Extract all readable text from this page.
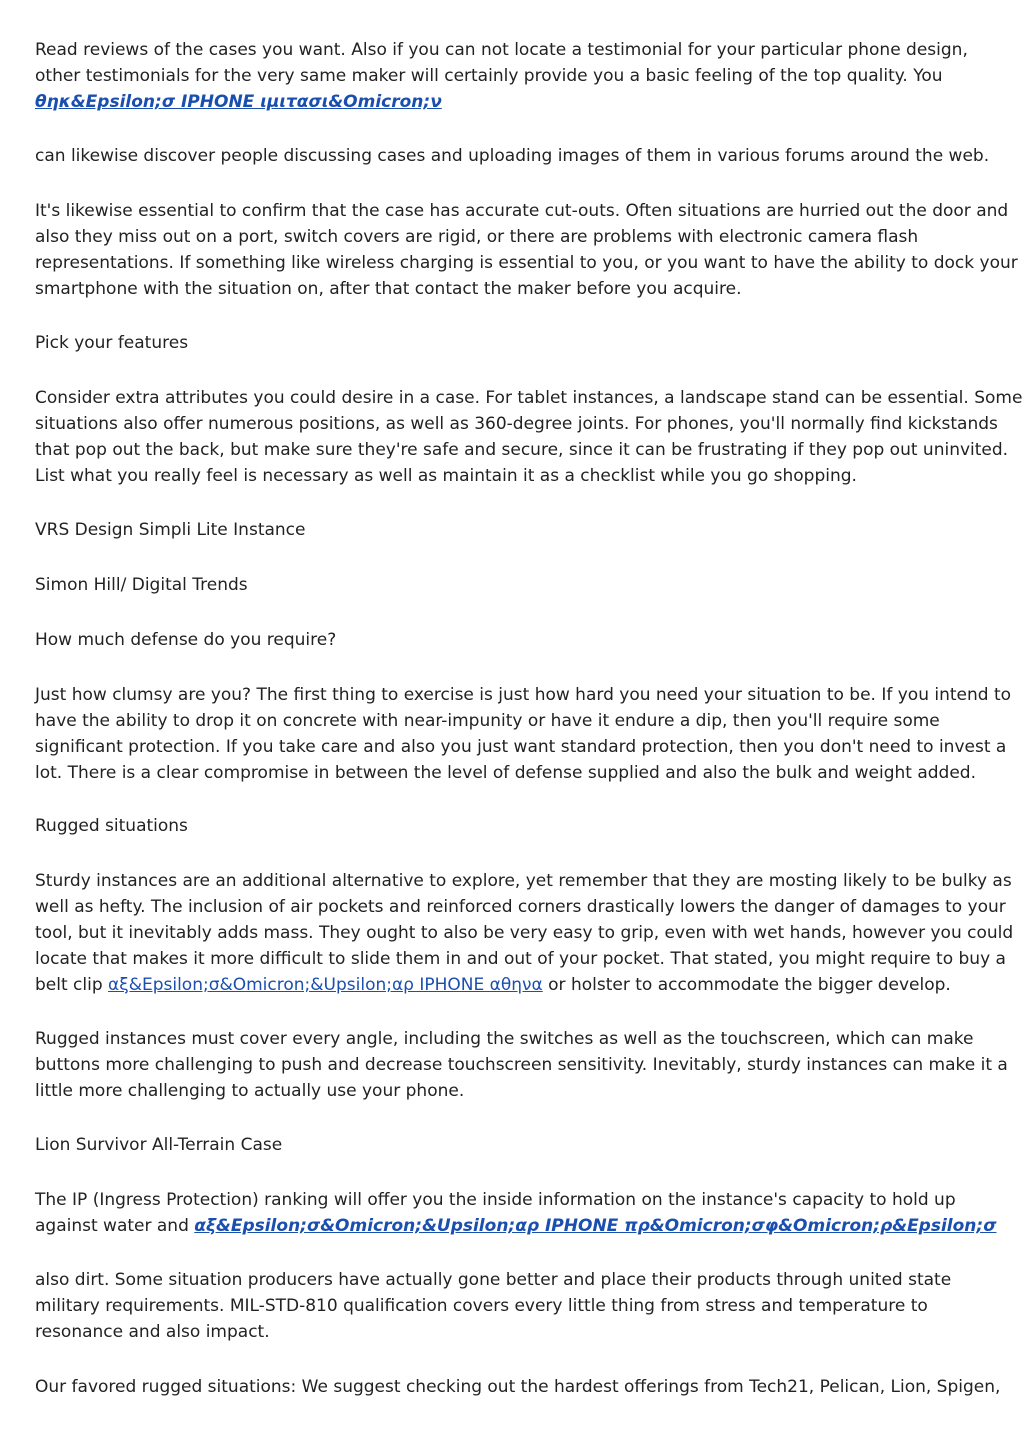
Read reviews of the cases you want. Also if you can not locate a testimonial for your particular phone design,
other testimonials for the very same maker will certainly provide you a basic feeling of the top quality. You
θηκ&Epsilon;σ IPHONE ιμιτασι&Omicron;ν

can likewise discover people discussing cases and uploading images of them in various forums around the web.

It's likewise essential to confirm that the case has accurate cut-outs. Often situations are hurried out the door and
also they miss out on a port, switch covers are rigid, or there are problems with electronic camera flash
representations. If something like wireless charging is essential to you, or you want to have the ability to dock your
smartphone with the situation on, after that contact the maker before you acquire.

Pick your features

Consider extra attributes you could desire in a case. For tablet instances, a landscape stand can be essential. Some
situations also offer numerous positions, as well as 360-degree joints. For phones, you'll normally find kickstands
that pop out the back, but make sure they're safe and secure, since it can be frustrating if they pop out uninvited.
List what you really feel is necessary as well as maintain it as a checklist while you go shopping.

VRS Design Simpli Lite Instance

Simon Hill/ Digital Trends

How much defense do you require?

Just how clumsy are you? The first thing to exercise is just how hard you need your situation to be. If you intend to
have the ability to drop it on concrete with near-impunity or have it endure a dip, then you'll require some
significant protection. If you take care and also you just want standard protection, then you don't need to invest a
lot. There is a clear compromise in between the level of defense supplied and also the bulk and weight added.

Rugged situations

Sturdy instances are an additional alternative to explore, yet remember that they are mosting likely to be bulky as
well as hefty. The inclusion of air pockets and reinforced corners drastically lowers the danger of damages to your
tool, but it inevitably adds mass. They ought to also be very easy to grip, even with wet hands, however you could
locate that makes it more difficult to slide them in and out of your pocket. That stated, you might require to buy a
belt clip αξ&Epsilon;σ&Omicron;&Upsilon;αρ IPHONE αθηνα or holster to accommodate the bigger develop.

Rugged instances must cover every angle, including the switches as well as the touchscreen, which can make
buttons more challenging to push and decrease touchscreen sensitivity. Inevitably, sturdy instances can make it a
little more challenging to actually use your phone.

Lion Survivor All-Terrain Case

The IP (Ingress Protection) ranking will offer you the inside information on the instance's capacity to hold up
against water and αξ&Epsilon;σ&Omicron;&Upsilon;αρ IPHONE πρ&Omicron;σφ&Omicron;ρ&Epsilon;σ

also dirt. Some situation producers have actually gone better and place their products through united state
military requirements. MIL-STD-810 qualification covers every little thing from stress and temperature to
resonance and also impact.

Our favored rugged situations: We suggest checking out the hardest offerings from Tech21, Pelican, Lion, Spigen,
